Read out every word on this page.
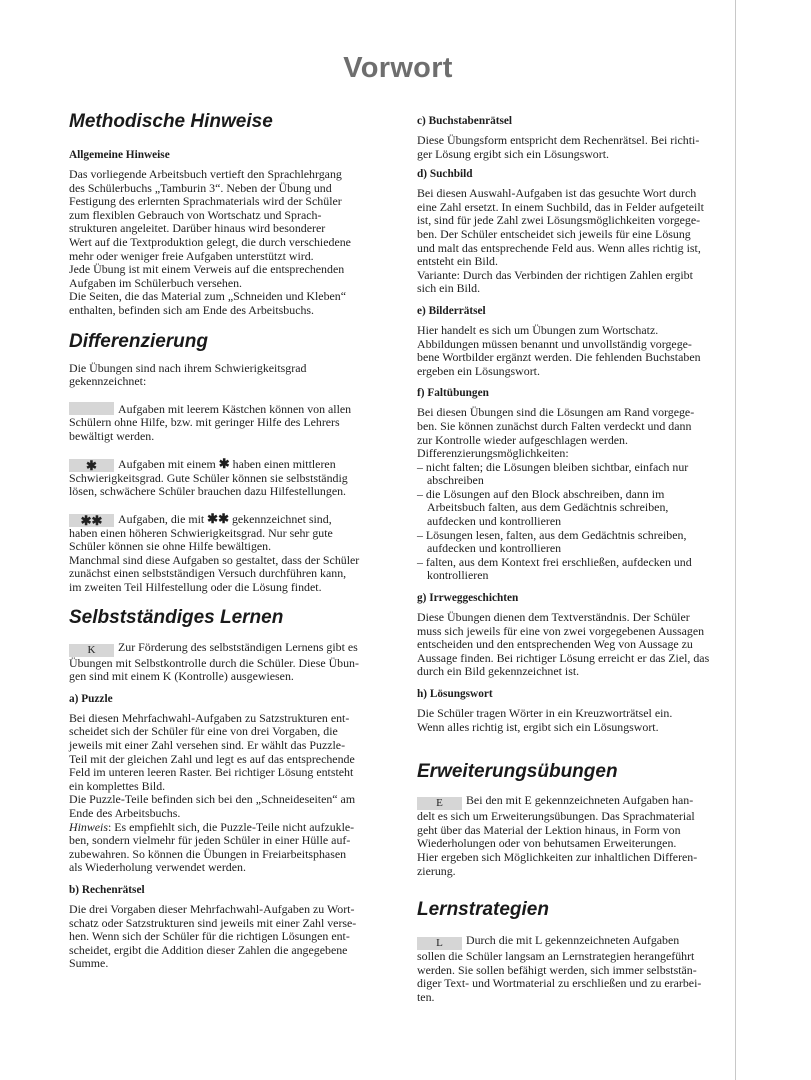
Vorwort
Methodische Hinweise
Allgemeine Hinweise

Das vorliegende Arbeitsbuch vertieft den Sprachlehrgang

des Schülerbuchs „Tamburin 3“. Neben der Übung und

Festigung des erlernten Sprachmaterials wird der Schüler

zum flexiblen Gebrauch von Wortschatz und Sprach-

strukturen angeleitet. Darüber hinaus wird besonderer

Wert auf die Textproduktion gelegt, die durch verschiedene

mehr oder weniger freie Aufgaben unterstützt wird.

Jede Übung ist mit einem Verweis auf die entsprechenden

Aufgaben im Schülerbuch versehen.

Die Seiten, die das Material zum „Schneiden und Kleben“

enthalten, befinden sich am Ende des Arbeitsbuchs.

Differenzierung

Die Übungen sind nach ihrem Schwierigkeitsgrad

gekennzeichnet:

Aufgaben mit leerem Kästchen können von allen

Schülern ohne Hilfe, bzw. mit geringer Hilfe des Lehrers

bewältigt werden.

✱ Aufgaben mit einem ✱ haben einen mittleren

Schwierigkeitsgrad. Gute Schüler können sie selbstständig

lösen, schwächere Schüler brauchen dazu Hilfestellungen.

✱✱ Aufgaben, die mit ✱✱ gekennzeichnet sind,

haben einen höheren Schwierigkeitsgrad. Nur sehr gute

Schüler können sie ohne Hilfe bewältigen.

Manchmal sind diese Aufgaben so gestaltet, dass der Schüler

zunächst einen selbstständigen Versuch durchführen kann,

im zweiten Teil Hilfestellung oder die Lösung findet.

Selbstständiges Lernen

K Zur Förderung des selbstständigen Lernens gibt es

Übungen mit Selbstkontrolle durch die Schüler. Diese Übun-

gen sind mit einem K (Kontrolle) ausgewiesen.

a) Puzzle

Bei diesen Mehrfachwahl-Aufgaben zu Satzstrukturen ent-

scheidet sich der Schüler für eine von drei Vorgaben, die

jeweils mit einer Zahl versehen sind. Er wählt das Puzzle-

Teil mit der gleichen Zahl und legt es auf das entsprechende

Feld im unteren leeren Raster. Bei richtiger Lösung entsteht

ein komplettes Bild.

Die Puzzle-Teile befinden sich bei den „Schneideseiten“ am

Ende des Arbeitsbuchs.

Hinweis: Es empfiehlt sich, die Puzzle-Teile nicht aufzukle-

ben, sondern vielmehr für jeden Schüler in einer Hülle auf-

zubewahren. So können die Übungen in Freiarbeitsphasen

als Wiederholung verwendet werden.

b) Rechenrätsel

Die drei Vorgaben dieser Mehrfachwahl-Aufgaben zu Wort-

schatz oder Satzstrukturen sind jeweils mit einer Zahl verse-

hen. Wenn sich der Schüler für die richtigen Lösungen ent-

scheidet, ergibt die Addition dieser Zahlen die angegebene

Summe.

c) Buchstabenrätsel

Diese Übungsform entspricht dem Rechenrätsel. Bei richti-

ger Lösung ergibt sich ein Lösungswort.

d) Suchbild

Bei diesen Auswahl-Aufgaben ist das gesuchte Wort durch

eine Zahl ersetzt. In einem Suchbild, das in Felder aufgeteilt

ist, sind für jede Zahl zwei Lösungsmöglichkeiten vorgege-

ben. Der Schüler entscheidet sich jeweils für eine Lösung

und malt das entsprechende Feld aus. Wenn alles richtig ist,

entsteht ein Bild.

Variante: Durch das Verbinden der richtigen Zahlen ergibt

sich ein Bild.

e) Bilderrätsel

Hier handelt es sich um Übungen zum Wortschatz.

Abbildungen müssen benannt und unvollständig vorgege-

bene Wortbilder ergänzt werden. Die fehlenden Buchstaben

ergeben ein Lösungswort.

f) Faltübungen

Bei diesen Übungen sind die Lösungen am Rand vorgege-

ben. Sie können zunächst durch Falten verdeckt und dann

zur Kontrolle wieder aufgeschlagen werden.

Differenzierungsmöglichkeiten:

– nicht falten; die Lösungen bleiben sichtbar, einfach nur

abschreiben

– die Lösungen auf den Block abschreiben, dann im

Arbeitsbuch falten, aus dem Gedächtnis schreiben,

aufdecken und kontrollieren

– Lösungen lesen, falten, aus dem Gedächtnis schreiben,

aufdecken und kontrollieren

– falten, aus dem Kontext frei erschließen, aufdecken und

kontrollieren

g) Irrweggeschichten

Diese Übungen dienen dem Textverständnis. Der Schüler

muss sich jeweils für eine von zwei vorgegebenen Aussagen

entscheiden und den entsprechenden Weg von Aussage zu

Aussage finden. Bei richtiger Lösung erreicht er das Ziel, das

durch ein Bild gekennzeichnet ist.

h) Lösungswort

Die Schüler tragen Wörter in ein Kreuzworträtsel ein.

Wenn alles richtig ist, ergibt sich ein Lösungswort.

Erweiterungsübungen

E Bei den mit E gekennzeichneten Aufgaben han-

delt es sich um Erweiterungsübungen. Das Sprachmaterial

geht über das Material der Lektion hinaus, in Form von

Wiederholungen oder von behutsamen Erweiterungen.

Hier ergeben sich Möglichkeiten zur inhaltlichen Differen-

zierung.

Lernstrategien

L Durch die mit L gekennzeichneten Aufgaben

sollen die Schüler langsam an Lernstrategien herangeführt

werden. Sie sollen befähigt werden, sich immer selbststän-

diger Text- und Wortmaterial zu erschließen und zu erarbei-

ten.
